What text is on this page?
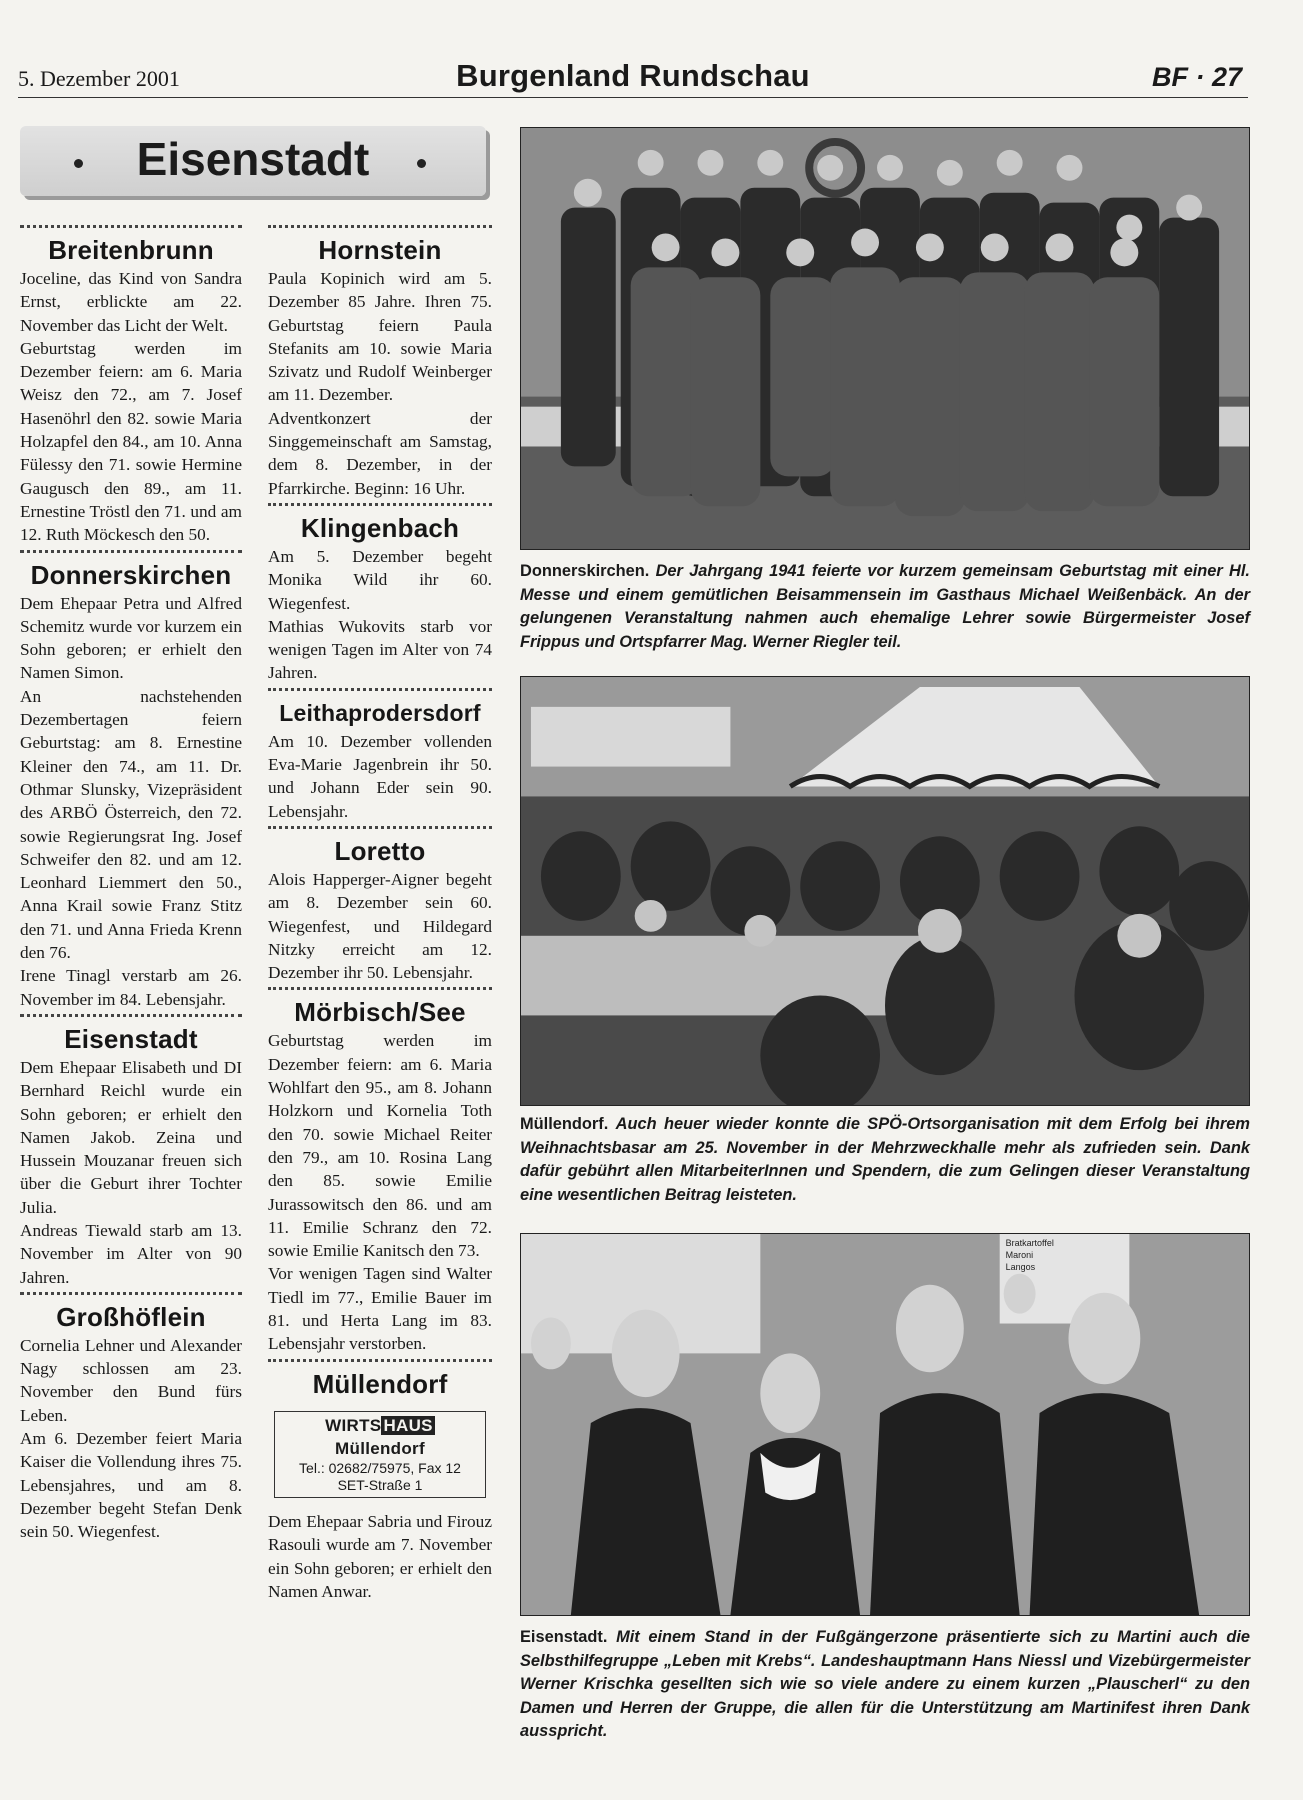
5. Dezember 2001	Burgenland Rundschau	BF · 27
Eisenstadt
Breitenbrunn
Joceline, das Kind von Sandra Ernst, erblickte am 22. November das Licht der Welt.
Geburtstag werden im Dezember feiern: am 6. Maria Weisz den 72., am 7. Josef Hasenöhrl den 82. sowie Maria Holzapfel den 84., am 10. Anna Fülessy den 71. sowie Hermine Gaugusch den 89., am 11. Ernestine Tröstl den 71. und am 12. Ruth Möckesch den 50.
Donnerskirchen
Dem Ehepaar Petra und Alfred Schemitz wurde vor kurzem ein Sohn geboren; er erhielt den Namen Simon.
An nachstehenden Dezembertagen feiern Geburtstag: am 8. Ernestine Kleiner den 74., am 11. Dr. Othmar Slunsky, Vizepräsident des ARBÖ Österreich, den 72. sowie Regierungsrat Ing. Josef Schweifer den 82. und am 12. Leonhard Liemmert den 50., Anna Krail sowie Franz Stitz den 71. und Anna Frieda Krenn den 76.
Irene Tinagl verstarb am 26. November im 84. Lebensjahr.
Eisenstadt
Dem Ehepaar Elisabeth und DI Bernhard Reichl wurde ein Sohn geboren; er erhielt den Namen Jakob. Zeina und Hussein Mouzanar freuen sich über die Geburt ihrer Tochter Julia.
Andreas Tiewald starb am 13. November im Alter von 90 Jahren.
Großhöflein
Cornelia Lehner und Alexander Nagy schlossen am 23. November den Bund fürs Leben.
Am 6. Dezember feiert Maria Kaiser die Vollendung ihres 75. Lebensjahres, und am 8. Dezember begeht Stefan Denk sein 50. Wiegenfest.
Hornstein
Paula Kopinich wird am 5. Dezember 85 Jahre. Ihren 75. Geburtstag feiern Paula Stefanits am 10. sowie Maria Szivatz und Rudolf Weinberger am 11. Dezember.
Adventkonzert der Singgemeinschaft am Samstag, dem 8. Dezember, in der Pfarrkirche. Beginn: 16 Uhr.
Klingenbach
Am 5. Dezember begeht Monika Wild ihr 60. Wiegenfest.
Mathias Wukovits starb vor wenigen Tagen im Alter von 74 Jahren.
Leithaprodersdorf
Am 10. Dezember vollenden Eva-Marie Jagenbrein ihr 50. und Johann Eder sein 90. Lebensjahr.
Loretto
Alois Happerger-Aigner begeht am 8. Dezember sein 60. Wiegenfest, und Hildegard Nitzky erreicht am 12. Dezember ihr 50. Lebensjahr.
Mörbisch/See
Geburtstag werden im Dezember feiern: am 6. Maria Wohlfart den 95., am 8. Johann Holzkorn und Kornelia Toth den 70. sowie Michael Reiter den 79., am 10. Rosina Lang den 85. sowie Emilie Jurassowitsch den 86. und am 11. Emilie Schranz den 72. sowie Emilie Kanitsch den 73.
Vor wenigen Tagen sind Walter Tiedl im 77., Emilie Bauer im 81. und Herta Lang im 83. Lebensjahr verstorben.
Müllendorf
WIRTS HAUS Müllendorf
Tel.: 02682/75975, Fax 12
SET-Straße 1
Dem Ehepaar Sabria und Firouz Rasouli wurde am 7. November ein Sohn geboren; er erhielt den Namen Anwar.
Donnerskirchen. Der Jahrgang 1941 feierte vor kurzem gemeinsam Geburtstag mit einer Hl. Messe und einem gemütlichen Beisammensein im Gasthaus Michael Weißenbäck. An der gelungenen Veranstaltung nahmen auch ehemalige Lehrer sowie Bürgermeister Josef Frippus und Ortspfarrer Mag. Werner Riegler teil.
Müllendorf. Auch heuer wieder konnte die SPÖ-Ortsorganisation mit dem Erfolg bei ihrem Weihnachtsbasar am 25. November in der Mehrzweckhalle mehr als zufrieden sein. Dank dafür gebührt allen MitarbeiterInnen und Spendern, die zum Gelingen dieser Veranstaltung eine wesentlichen Beitrag leisteten.
Bratkartoffel
Maroni
Langos
Eisenstadt. Mit einem Stand in der Fußgängerzone präsentierte sich zu Martini auch die Selbsthilfegruppe „Leben mit Krebs“. Landeshauptmann Hans Niessl und Vizebürgermeister Werner Krischka gesellten sich wie so viele andere zu einem kurzen „Plauscherl“ zu den Damen und Herren der Gruppe, die allen für die Unterstützung am Martinifest ihren Dank ausspricht.
